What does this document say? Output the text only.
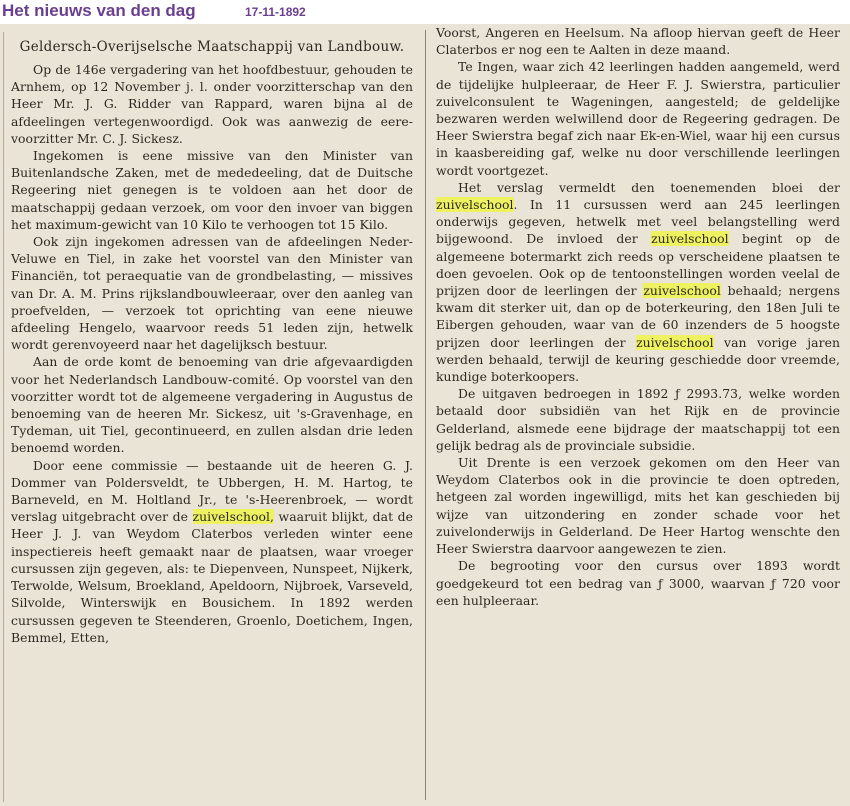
Het nieuws van den dag	17-11-1892
Geldersch-Overijselsche Maatschappij van Landbouw.

Op de 146e vergadering van het hoofdbestuur, gehouden te Arnhem, op 12 November j. l. onder voorzitterschap van den Heer Mr. J. G. Ridder van Rappard, waren bijna al de afdeelingen vertegenwoordigd. Ook was aanwezig de eere-voorzitter Mr. C. J. Sickesz.

Ingekomen is eene missive van den Minister van Buitenlandsche Zaken, met de mededeeling, dat de Duitsche Regeering niet genegen is te voldoen aan het door de maatschappij gedaan verzoek, om voor den invoer van biggen het maximum-gewicht van 10 Kilo te verhoogen tot 15 Kilo.

Ook zijn ingekomen adressen van de afdeelingen Neder-Veluwe en Tiel, in zake het voorstel van den Minister van Financiën, tot peraequatie van de grondbelasting, — missives van Dr. A. M. Prins rijkslandbouwleeraar, over den aanleg van proefvelden, — verzoek tot oprichting van eene nieuwe afdeeling Hengelo, waarvoor reeds 51 leden zijn, hetwelk wordt gerenvoyeerd naar het dagelijksch bestuur.

Aan de orde komt de benoeming van drie afgevaardigden voor het Nederlandsch Landbouw-comité. Op voorstel van den voorzitter wordt tot de algemeene vergadering in Augustus de benoeming van de heeren Mr. Sickesz, uit 's-Gravenhage, en Tydeman, uit Tiel, gecontinueerd, en zullen alsdan drie leden benoemd worden.

Door eene commissie — bestaande uit de heeren G. J. Dommer van Poldersveldt, te Ubbergen, H. M. Hartog, te Barneveld, en M. Holtland Jr., te 's-Heerenbroek, — wordt verslag uitgebracht over de zuivelschool, waaruit blijkt, dat de Heer J. J. van Weydom Claterbos verleden winter eene inspectiereis heeft gemaakt naar de plaatsen, waar vroeger cursussen zijn gegeven, als: te Diepenveen, Nunspeet, Nijkerk, Terwolde, Welsum, Broekland, Apeldoorn, Nijbroek, Varseveld, Silvolde, Winterswijk en Bousichem. In 1892 werden cursussen gegeven te Steenderen, Groenlo, Doetichem, Ingen, Bemmel, Etten,

Voorst, Angeren en Heelsum. Na afloop hiervan geeft de Heer Claterbos er nog een te Aalten in deze maand.

Te Ingen, waar zich 42 leerlingen hadden aangemeld, werd de tijdelijke hulpleeraar, de Heer F. J. Swierstra, particulier zuivelconsulent te Wageningen, aangesteld; de geldelijke bezwaren werden welwillend door de Regeering gedragen. De Heer Swierstra begaf zich naar Ek-en-Wiel, waar hij een cursus in kaasbereiding gaf, welke nu door verschillende leerlingen wordt voortgezet.

Het verslag vermeldt den toenemenden bloei der zuivelschool. In 11 cursussen werd aan 245 leerlingen onderwijs gegeven, hetwelk met veel belangstelling werd bijgewoond. De invloed der zuivelschool begint op de algemeene botermarkt zich reeds op verscheidene plaatsen te doen gevoelen. Ook op de tentoonstellingen worden veelal de prijzen door de leerlingen der zuivelschool behaald; nergens kwam dit sterker uit, dan op de boterkeuring, den 18en Juli te Eibergen gehouden, waar van de 60 inzenders de 5 hoogste prijzen door leerlingen der zuivelschool van vorige jaren werden behaald, terwijl de keuring geschiedde door vreemde, kundige boterkoopers.

De uitgaven bedroegen in 1892 ƒ 2993.73, welke worden betaald door subsidiën van het Rijk en de provincie Gelderland, alsmede eene bijdrage der maatschappij tot een gelijk bedrag als de provinciale subsidie.

Uit Drente is een verzoek gekomen om den Heer van Weydom Claterbos ook in die provincie te doen optreden, hetgeen zal worden ingewilligd, mits het kan geschieden bij wijze van uitzondering en zonder schade voor het zuivelonderwijs in Gelderland. De Heer Hartog wenschte den Heer Swierstra daarvoor aangewezen te zien.

De begrooting voor den cursus over 1893 wordt goedgekeurd tot een bedrag van ƒ 3000, waarvan ƒ 720 voor een hulpleeraar.
